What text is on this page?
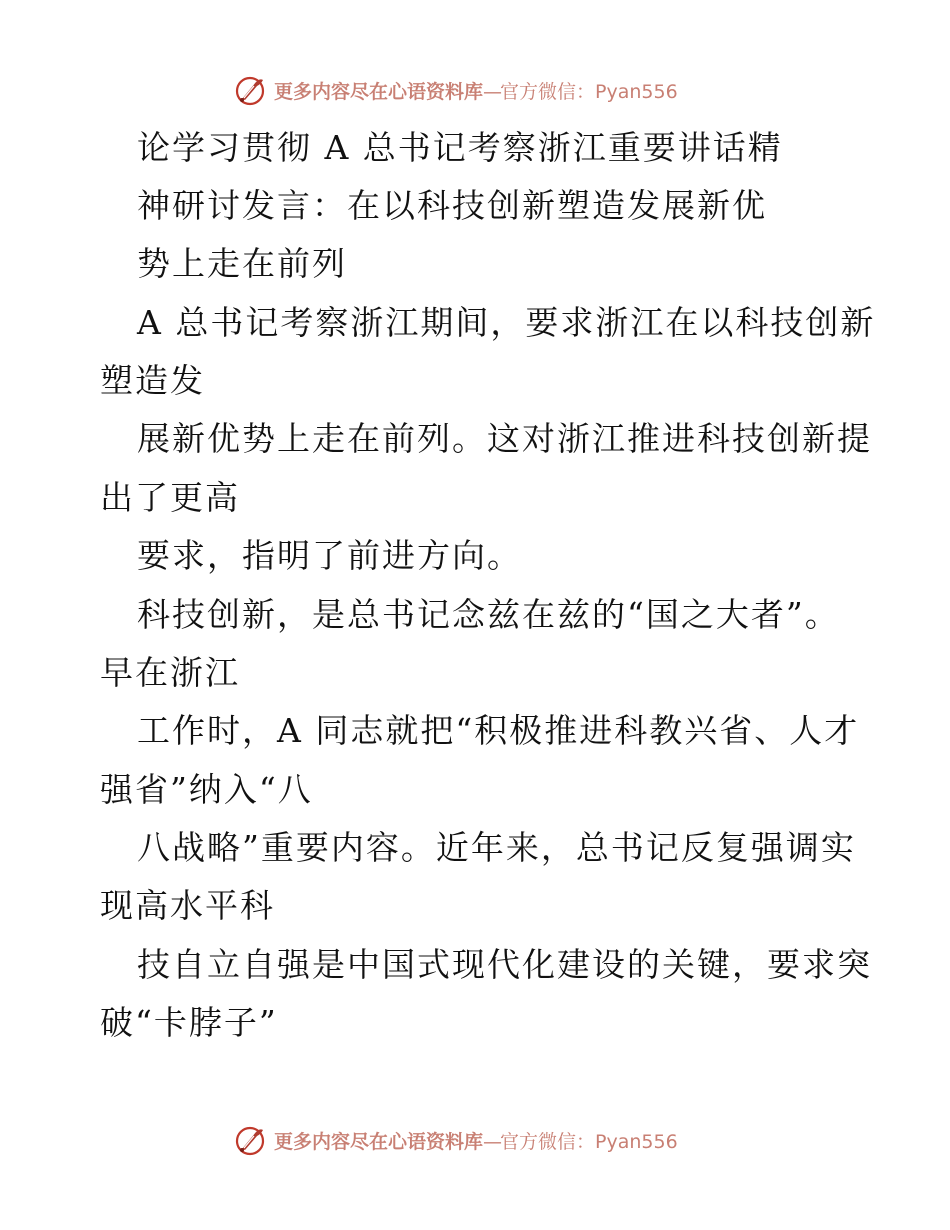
更多内容尽在心语资料库—官方微信：Pyan556
论学习贯彻 A 总书记考察浙江重要讲话精
神研讨发言：在以科技创新塑造发展新优
势上走在前列
A 总书记考察浙江期间，要求浙江在以科技创新
塑造发
展新优势上走在前列。这对浙江推进科技创新提
出了更高
要求，指明了前进方向。
科技创新，是总书记念兹在兹的“国之大者”。
早在浙江
工作时，A 同志就把“积极推进科教兴省、人才
强省”纳入“八
八战略”重要内容。近年来，总书记反复强调实
现高水平科
技自立自强是中国式现代化建设的关键，要求突
破“卡脖子”
更多内容尽在心语资料库—官方微信：Pyan556
